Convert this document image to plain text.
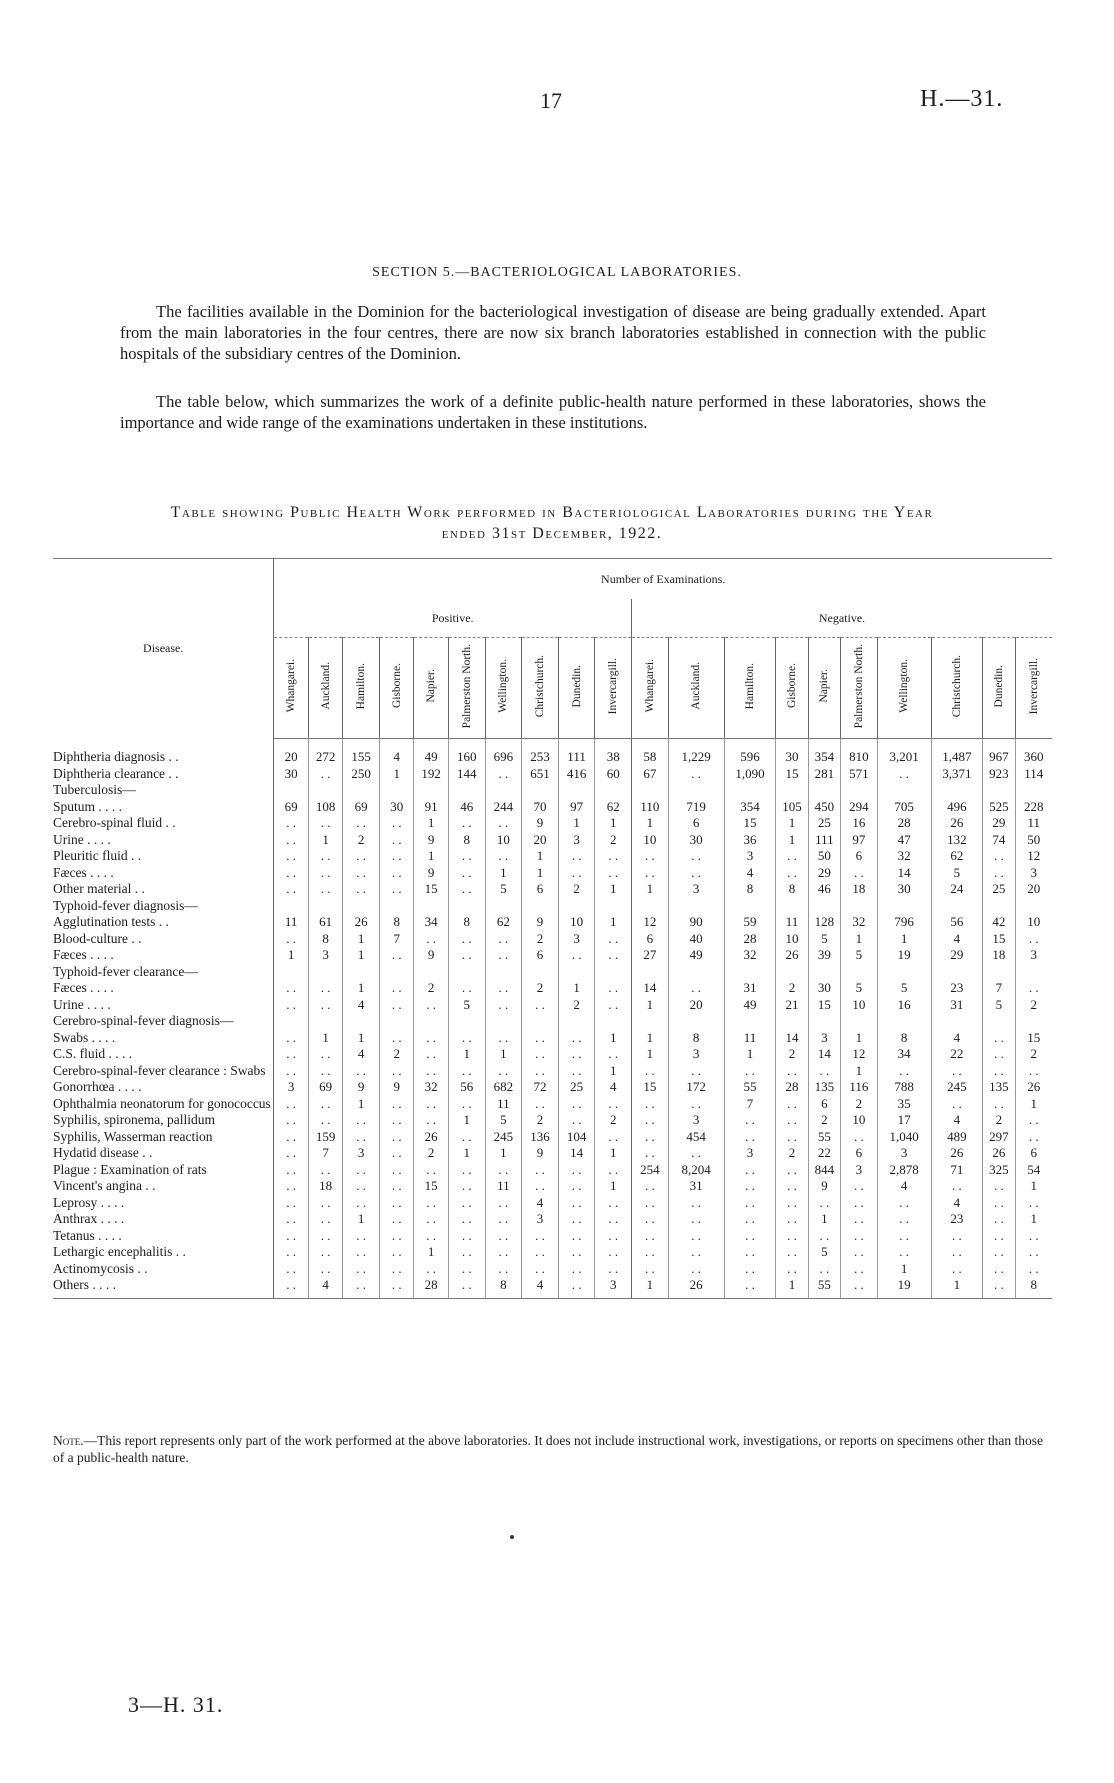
17	H.—31.
SECTION 5.—BACTERIOLOGICAL LABORATORIES.

The facilities available in the Dominion for the bacteriological investigation of disease are being gradually extended. Apart from the main laboratories in the four centres, there are now six branch laboratories established in connection with the public hospitals of the subsidiary centres of the Dominion.

The table below, which summarizes the work of a definite public-health nature performed in these laboratories, shows the importance and wide range of the examinations undertaken in these institutions.

Table showing Public Health Work performed in Bacteriological Laboratories during the Year
ended 31st December, 1922.
Disease.	Number of Examinations.																			
	Positive.										Negative.									
	Whangarei.	Auckland.	Hamilton.	Gisborne.	Napier.	Palmerston North.	Wellington.	Christchurch.	Dunedin.	Invercargill.	Whangarei.	Auckland.	Hamilton.	Gisborne.	Napier.	Palmerston North.	Wellington.	Christchurch.	Dunedin.	Invercargill.
Diphtheria diagnosis . .	20	272	155	4	49	160	696	253	111	38	58	1,229	596	30	354	810	3,201	1,487	967	360
Diphtheria clearance . .	30	. .	250	1	192	144	. .	651	416	60	67	. .	1,090	15	281	571	. .	3,371	923	114
Tuberculosis—																				
Sputum . . . .	69	108	69	30	91	46	244	70	97	62	110	719	354	105	450	294	705	496	525	228
Cerebro-spinal fluid . .	. .	. .	. .	. .	1	. .	. .	9	1	1	1	6	15	1	25	16	28	26	29	11
Urine . . . .	. .	1	2	. .	9	8	10	20	3	2	10	30	36	1	111	97	47	132	74	50
Pleuritic fluid . .	. .	. .	. .	. .	1	. .	. .	1	. .	. .	. .	. .	3	. .	50	6	32	62	. .	12
Fæces . . . .	. .	. .	. .	. .	9	. .	1	1	. .	. .	. .	. .	4	. .	29	. .	14	5	. .	3
Other material . .	. .	. .	. .	. .	15	. .	5	6	2	1	1	3	8	8	46	18	30	24	25	20
Typhoid-fever diagnosis—																				
Agglutination tests . .	11	61	26	8	34	8	62	9	10	1	12	90	59	11	128	32	796	56	42	10
Blood-culture . .	. .	8	1	7	. .	. .	. .	2	3	. .	6	40	28	10	5	1	1	4	15	. .
Fæces . . . .	1	3	1	. .	9	. .	. .	6	. .	. .	27	49	32	26	39	5	19	29	18	3
Typhoid-fever clearance—																				
Fæces . . . .	. .	. .	1	. .	2	. .	. .	2	1	. .	14	. .	31	2	30	5	5	23	7	. .
Urine . . . .	. .	. .	4	. .	. .	5	. .	. .	2	. .	1	20	49	21	15	10	16	31	5	2
Cerebro-spinal-fever diagnosis—																				
Swabs . . . .	. .	1	1	. .	. .	. .	. .	. .	. .	1	1	8	11	14	3	1	8	4	. .	15
C.S. fluid . . . .	. .	. .	4	2	. .	1	1	. .	. .	. .	1	3	1	2	14	12	34	22	. .	2
Cerebro-spinal-fever clearance : Swabs	. .	. .	. .	. .	. .	. .	. .	. .	. .	1	. .	. .	. .	. .	. .	1	. .	. .	. .	. .
Gonorrhœa . . . .	3	69	9	9	32	56	682	72	25	4	15	172	55	28	135	116	788	245	135	26
Ophthalmia neonatorum for gonococcus	. .	. .	1	. .	. .	. .	11	. .	. .	. .	. .	. .	7	. .	6	2	35	. .	. .	1
Syphilis, spironema, pallidum	. .	. .	. .	. .	. .	1	5	2	. .	2	. .	3	. .	. .	2	10	17	4	2	. .
Syphilis, Wasserman reaction	. .	159	. .	. .	26	. .	245	136	104	. .	. .	454	. .	. .	55	. .	1,040	489	297	. .
Hydatid disease . .	. .	7	3	. .	2	1	1	9	14	1	. .	. .	3	2	22	6	3	26	26	6
Plague : Examination of rats	. .	. .	. .	. .	. .	. .	. .	. .	. .	. .	254	8,204	. .	. .	844	3	2,878	71	325	54
Vincent's angina . .	. .	18	. .	. .	15	. .	11	. .	. .	1	. .	31	. .	. .	9	. .	4	. .	. .	1
Leprosy . . . .	. .	. .	. .	. .	. .	. .	. .	4	. .	. .	. .	. .	. .	. .	. .	. .	. .	4	. .	. .
Anthrax . . . .	. .	. .	1	. .	. .	. .	. .	3	. .	. .	. .	. .	. .	. .	1	. .	. .	23	. .	1
Tetanus . . . .	. .	. .	. .	. .	. .	. .	. .	. .	. .	. .	. .	. .	. .	. .	. .	. .	. .	. .	. .	. .
Lethargic encephalitis . .	. .	. .	. .	. .	1	. .	. .	. .	. .	. .	. .	. .	. .	. .	5	. .	. .	. .	. .	. .
Actinomycosis . .	. .	. .	. .	. .	. .	. .	. .	. .	. .	. .	. .	. .	. .	. .	. .	. .	1	. .	. .	. .
Others . . . .	. .	4	. .	. .	28	. .	8	4	. .	3	1	26	. .	1	55	. .	19	1	. .	8

Note.—This report represents only part of the work performed at the above laboratories. It does not include instructional work, investigations, or reports on specimens other than those of a public-health nature.

3—H. 31.
